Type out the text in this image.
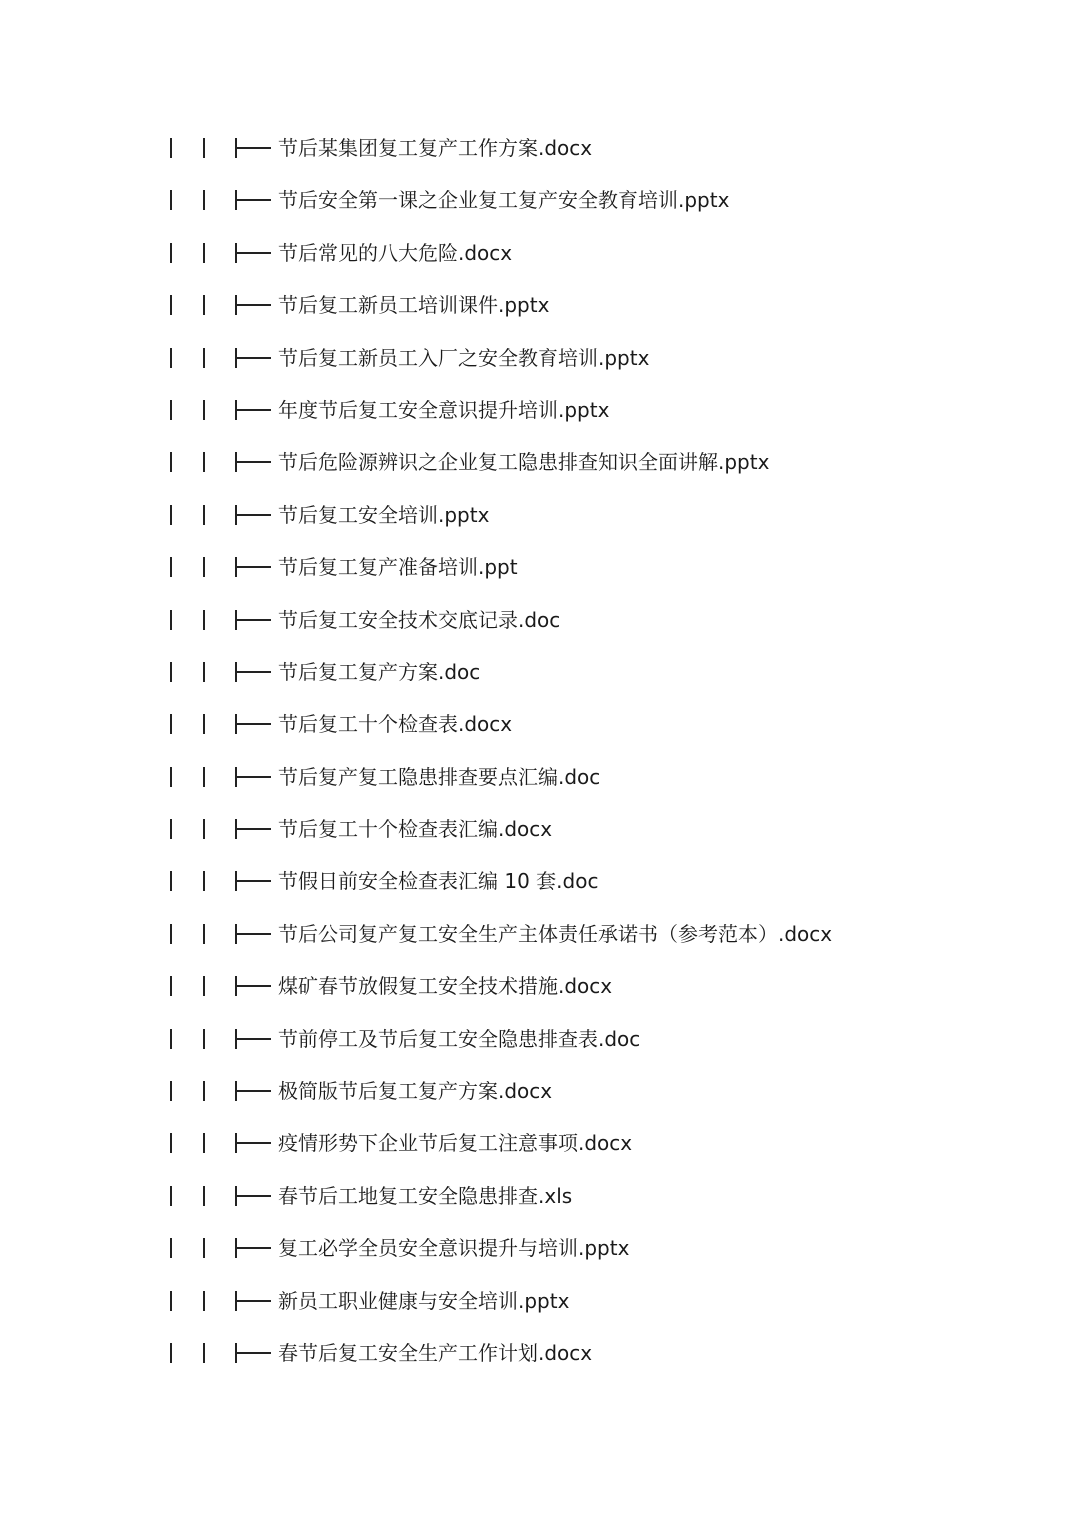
节后某集团复工复产工作方案.docx
节后安全第一课之企业复工复产安全教育培训.pptx
节后常见的八大危险.docx
节后复工新员工培训课件.pptx
节后复工新员工入厂之安全教育培训.pptx
年度节后复工安全意识提升培训.pptx
节后危险源辨识之企业复工隐患排查知识全面讲解.pptx
节后复工安全培训.pptx
节后复工复产准备培训.ppt
节后复工安全技术交底记录.doc
节后复工复产方案.doc
节后复工十个检查表.docx
节后复产复工隐患排查要点汇编.doc
节后复工十个检查表汇编.docx
节假日前安全检查表汇编 10 套.doc
节后公司复产复工安全生产主体责任承诺书（参考范本）.docx
煤矿春节放假复工安全技术措施.docx
节前停工及节后复工安全隐患排查表.doc
极简版节后复工复产方案.docx
疫情形势下企业节后复工注意事项.docx
春节后工地复工安全隐患排查.xls
复工必学全员安全意识提升与培训.pptx
新员工职业健康与安全培训.pptx
春节后复工安全生产工作计划.docx
